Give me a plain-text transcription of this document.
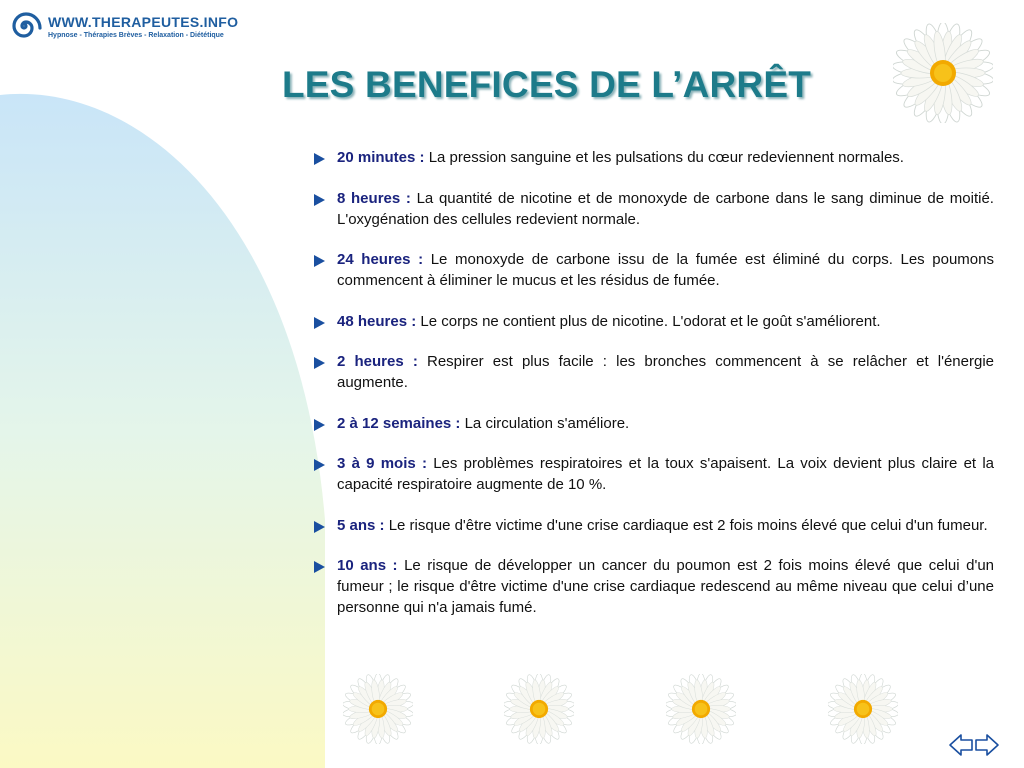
WWW.THERAPEUTES.INFO
Hypnose - Thérapies Brèves - Relaxation - Diététique
LES BENEFICES DE L’ARRÊT
20 minutes : La pression sanguine et les pulsations du cœur redeviennent normales.
8 heures : La quantité de nicotine et de monoxyde de carbone dans le sang diminue de moitié. L'oxygénation des cellules redevient normale.
24 heures : Le monoxyde de carbone issu de la fumée est éliminé du corps. Les poumons commencent à éliminer le mucus et les résidus de fumée.
48 heures : Le corps ne contient plus de nicotine. L'odorat et le goût s'améliorent.
2 heures : Respirer est plus facile : les bronches commencent à se relâcher et l'énergie augmente.
2 à 12 semaines : La circulation s'améliore.
3 à 9 mois : Les problèmes respiratoires et la toux s'apaisent. La voix devient plus claire et la capacité respiratoire augmente de 10 %.
5 ans : Le risque d'être victime d'une crise cardiaque est 2 fois moins élevé que celui d'un fumeur.
10 ans : Le risque de développer un cancer du poumon est 2 fois moins élevé que celui d'un fumeur ; le risque d'être victime d'une crise cardiaque redescend au même niveau que celui d’une personne qui n'a jamais fumé.
